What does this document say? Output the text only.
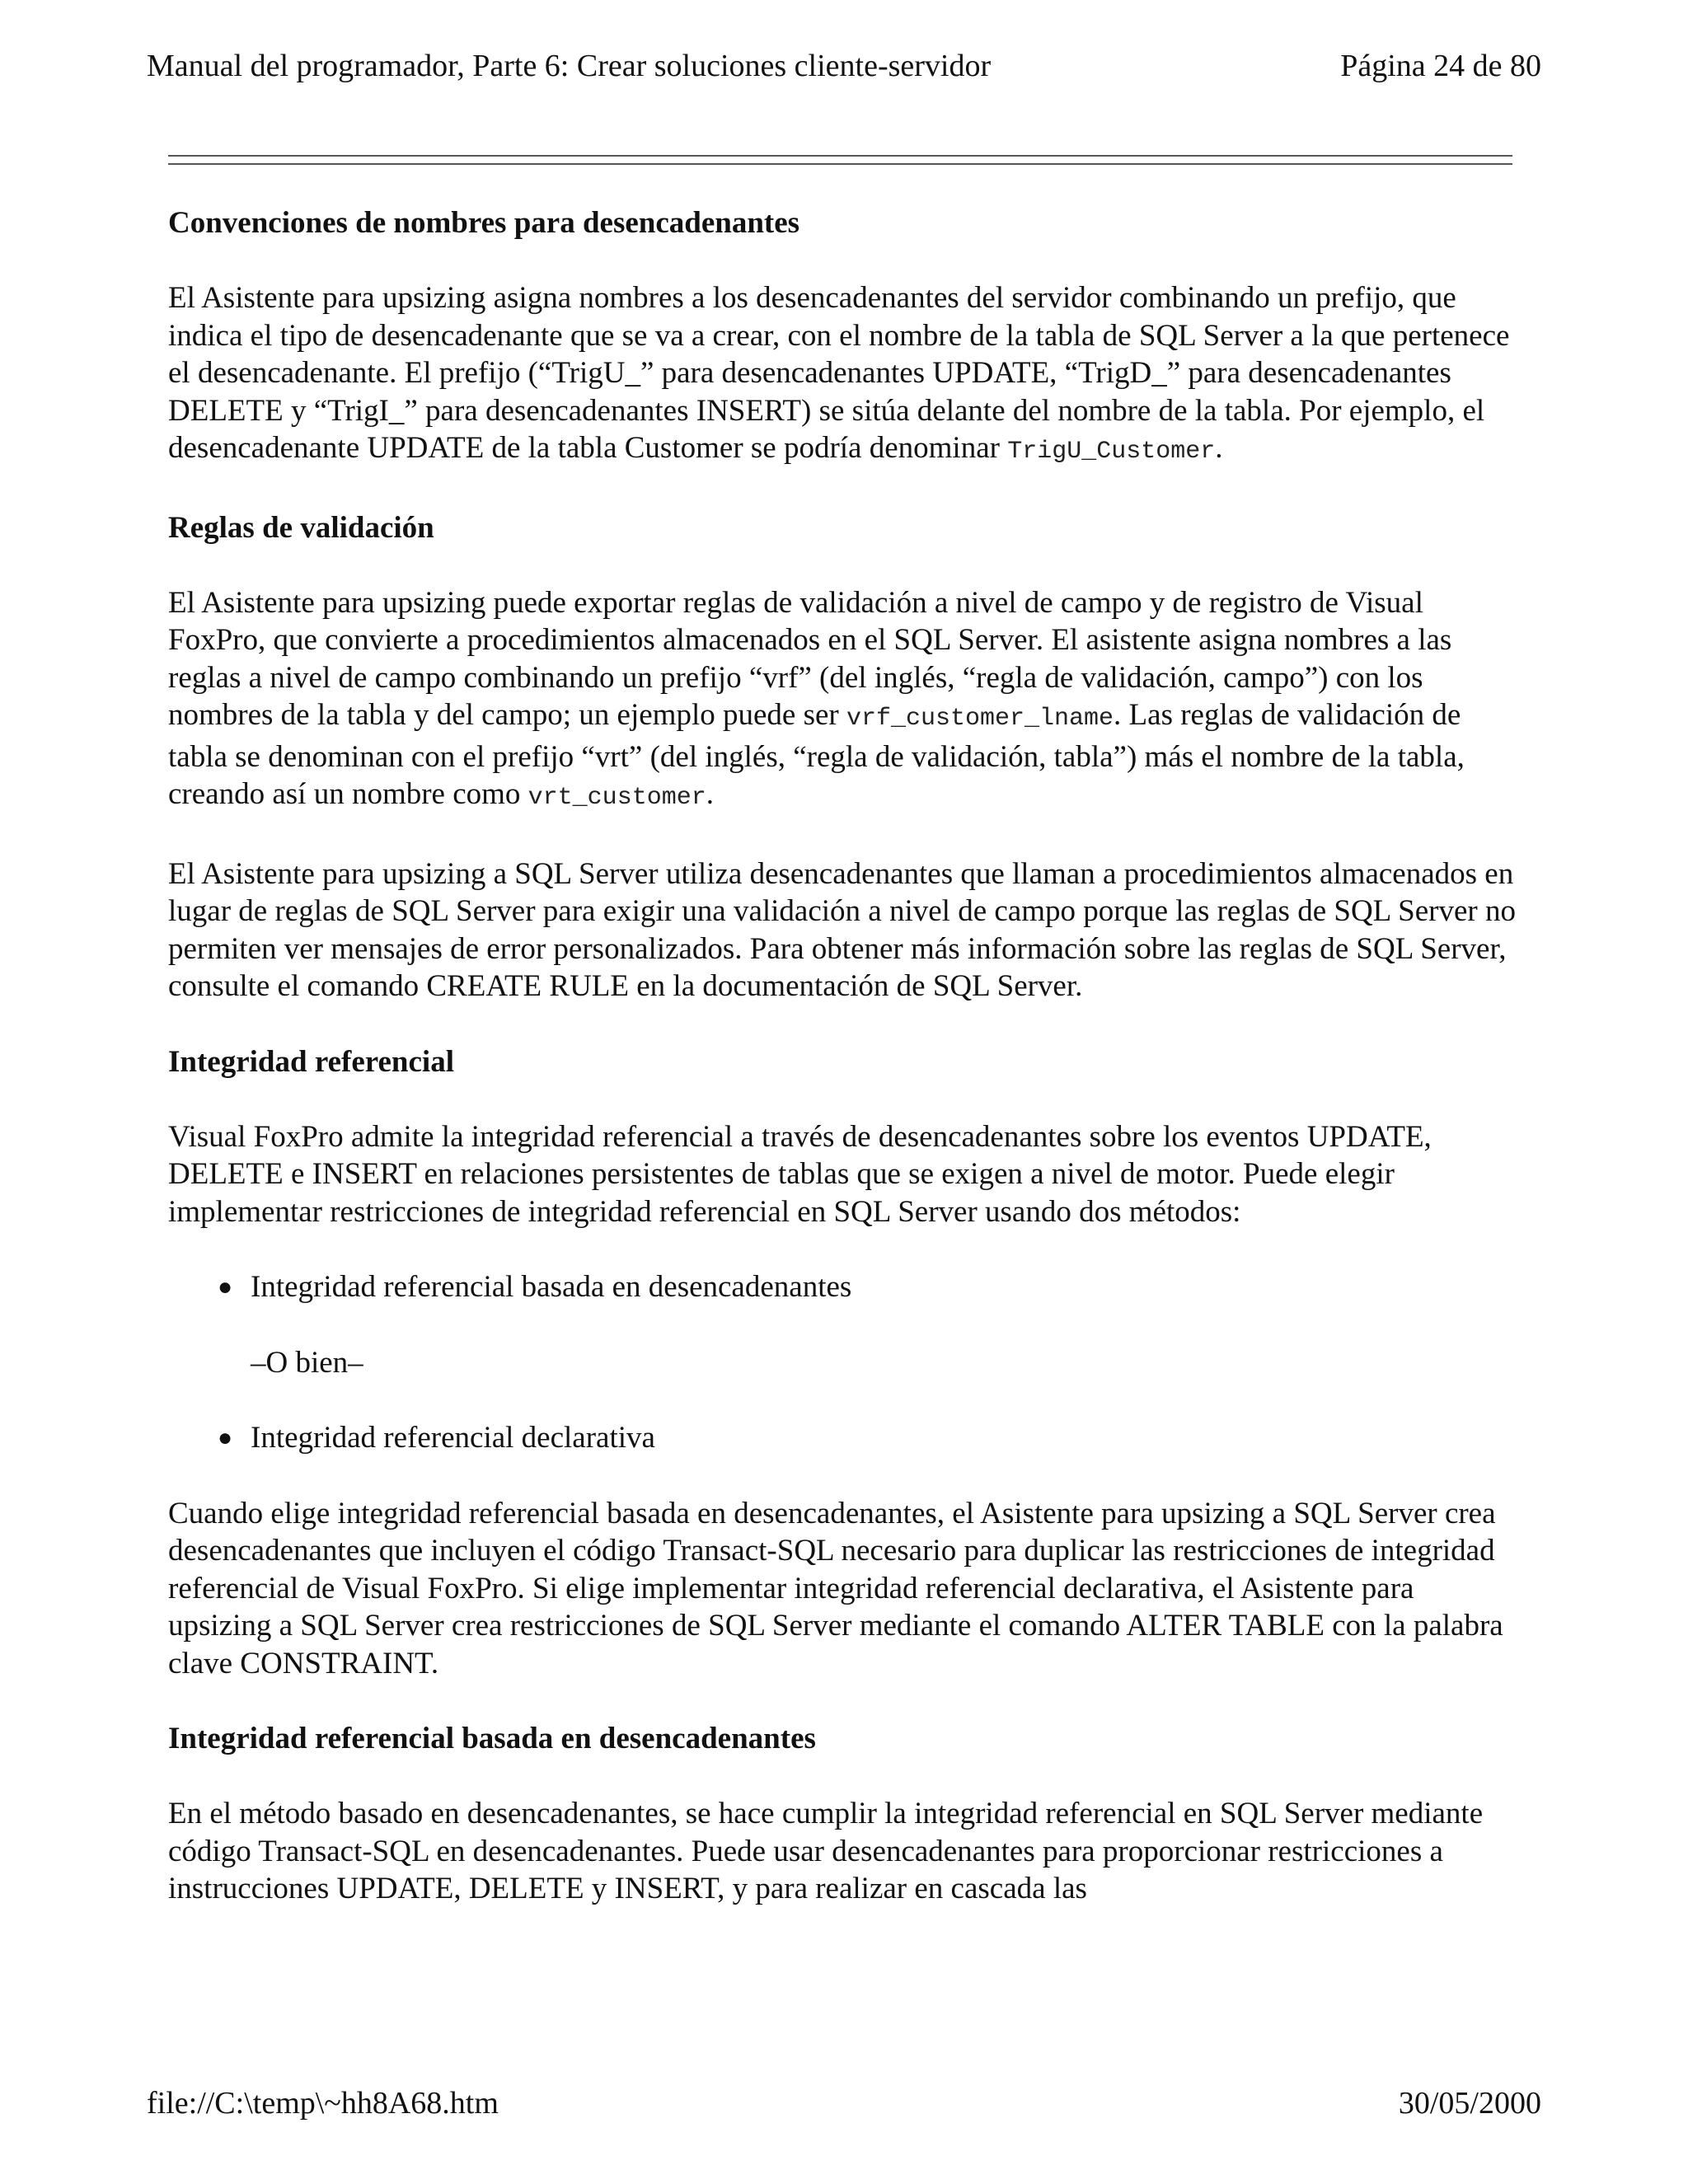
Manual del programador, Parte 6: Crear soluciones cliente-servidor	Página 24 de 80
Convenciones de nombres para desencadenantes

El Asistente para upsizing asigna nombres a los desencadenantes del servidor combinando un prefijo, que indica el tipo de desencadenante que se va a crear, con el nombre de la tabla de SQL Server a la que pertenece el desencadenante. El prefijo (“TrigU_” para desencadenantes UPDATE, “TrigD_” para desencadenantes DELETE y “TrigI_” para desencadenantes INSERT) se sitúa delante del nombre de la tabla. Por ejemplo, el desencadenante UPDATE de la tabla Customer se podría denominar TrigU_Customer.

Reglas de validación

El Asistente para upsizing puede exportar reglas de validación a nivel de campo y de registro de Visual FoxPro, que convierte a procedimientos almacenados en el SQL Server. El asistente asigna nombres a las reglas a nivel de campo combinando un prefijo “vrf” (del inglés, “regla de validación, campo”) con los nombres de la tabla y del campo; un ejemplo puede ser vrf_customer_lname. Las reglas de validación de tabla se denominan con el prefijo “vrt” (del inglés, “regla de validación, tabla”) más el nombre de la tabla, creando así un nombre como vrt_customer.

El Asistente para upsizing a SQL Server utiliza desencadenantes que llaman a procedimientos almacenados en lugar de reglas de SQL Server para exigir una validación a nivel de campo porque las reglas de SQL Server no permiten ver mensajes de error personalizados. Para obtener más información sobre las reglas de SQL Server, consulte el comando CREATE RULE en la documentación de SQL Server.

Integridad referencial

Visual FoxPro admite la integridad referencial a través de desencadenantes sobre los eventos UPDATE, DELETE e INSERT en relaciones persistentes de tablas que se exigen a nivel de motor. Puede elegir implementar restricciones de integridad referencial en SQL Server usando dos métodos:

● Integridad referencial basada en desencadenantes
–O bien–
● Integridad referencial declarativa

Cuando elige integridad referencial basada en desencadenantes, el Asistente para upsizing a SQL Server crea desencadenantes que incluyen el código Transact-SQL necesario para duplicar las restricciones de integridad referencial de Visual FoxPro. Si elige implementar integridad referencial declarativa, el Asistente para upsizing a SQL Server crea restricciones de SQL Server mediante el comando ALTER TABLE con la palabra clave CONSTRAINT.

Integridad referencial basada en desencadenantes

En el método basado en desencadenantes, se hace cumplir la integridad referencial en SQL Server mediante código Transact-SQL en desencadenantes. Puede usar desencadenantes para proporcionar restricciones a instrucciones UPDATE, DELETE y INSERT, y para realizar en cascada las

file://C:\temp\~hh8A68.htm	30/05/2000
